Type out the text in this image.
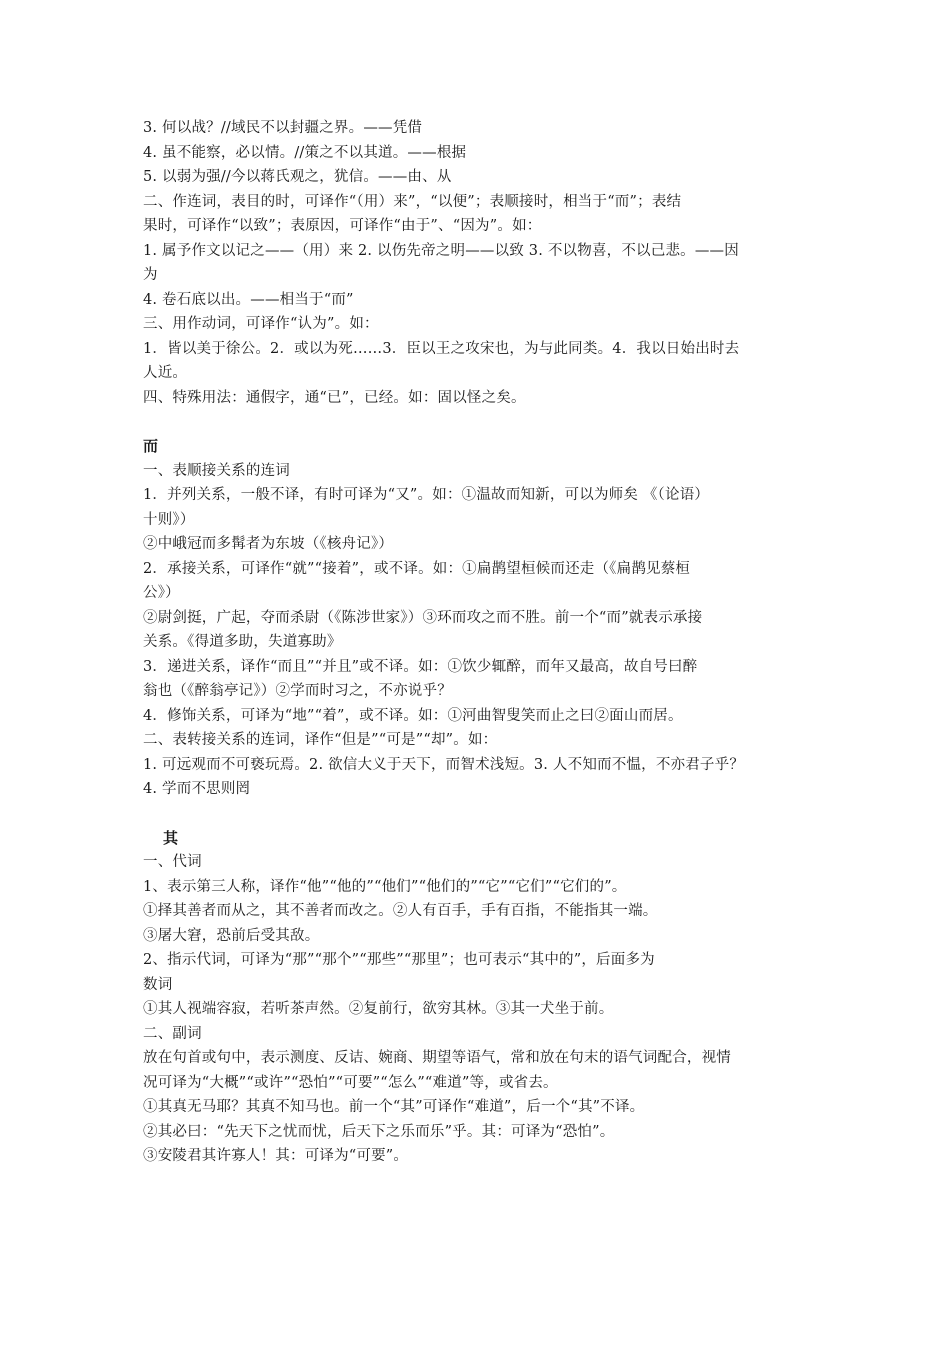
3. 何以战？//域民不以封疆之界。——凭借
4. 虽不能察，必以情。//策之不以其道。——根据
5. 以弱为强//今以蒋氏观之，犹信。——由、从
二、作连词，表目的时，可译作“（用）来”，“以便”；表顺接时，相当于“而”；表结
果时，可译作“以致”；表原因，可译作“由于”、“因为”。如：
1. 属予作文以记之——（用）来 2. 以伤先帝之明——以致 3. 不以物喜，不以己悲。——因
为
4. 卷石底以出。——相当于“而”
三、用作动词，可译作“认为”。如：
1．皆以美于徐公。2．或以为死……3．臣以王之攻宋也，为与此同类。4．我以日始出时去
人近。
四、特殊用法：通假字，通“已”，已经。如：固以怪之矣。
而
一、表顺接关系的连词
1．并列关系，一般不译，有时可译为“又”。如：①温故而知新，可以为师矣 《（论语）
十则》）
②中峨冠而多髯者为东坡（《核舟记》）
2．承接关系，可译作“就”“接着”，或不译。如：①扁鹊望桓候而还走（《扁鹊见蔡桓
公》）
②尉剑挺，广起，夺而杀尉（《陈涉世家》）③环而攻之而不胜。前一个“而”就表示承接
关系。《得道多助，失道寡助》
3．递进关系，译作“而且”“并且”或不译。如：①饮少辄醉，而年又最高，故自号曰醉
翁也（《醉翁亭记》）②学而时习之，不亦说乎？
4．修饰关系，可译为“地”“着”，或不译。如：①河曲智叟笑而止之曰②面山而居。
二、表转接关系的连词，译作“但是”“可是”“却”。如：
1. 可远观而不可亵玩焉。2. 欲信大义于天下，而智术浅短。3. 人不知而不愠，不亦君子乎？
4. 学而不思则罔
其
一、代词
1、表示第三人称，译作“他”“他的”“他们”“他们的”“它”“它们”“它们的”。
①择其善者而从之，其不善者而改之。②人有百手，手有百指，不能指其一端。
③屠大窘，恐前后受其敌。
2、指示代词，可译为“那”“那个”“那些”“那里”；也可表示“其中的”，后面多为
数词
①其人视端容寂，若听茶声然。②复前行，欲穷其林。③其一犬坐于前。
二、副词
放在句首或句中，表示测度、反诘、婉商、期望等语气，常和放在句末的语气词配合，视情
况可译为“大概”“或许”“恐怕”“可要”“怎么”“难道”等，或省去。
①其真无马耶？其真不知马也。前一个“其”可译作“难道”，后一个“其”不译。
②其必曰：“先天下之忧而忧，后天下之乐而乐”乎。其：可译为“恐怕”。
③安陵君其许寡人！其：可译为“可要”。
